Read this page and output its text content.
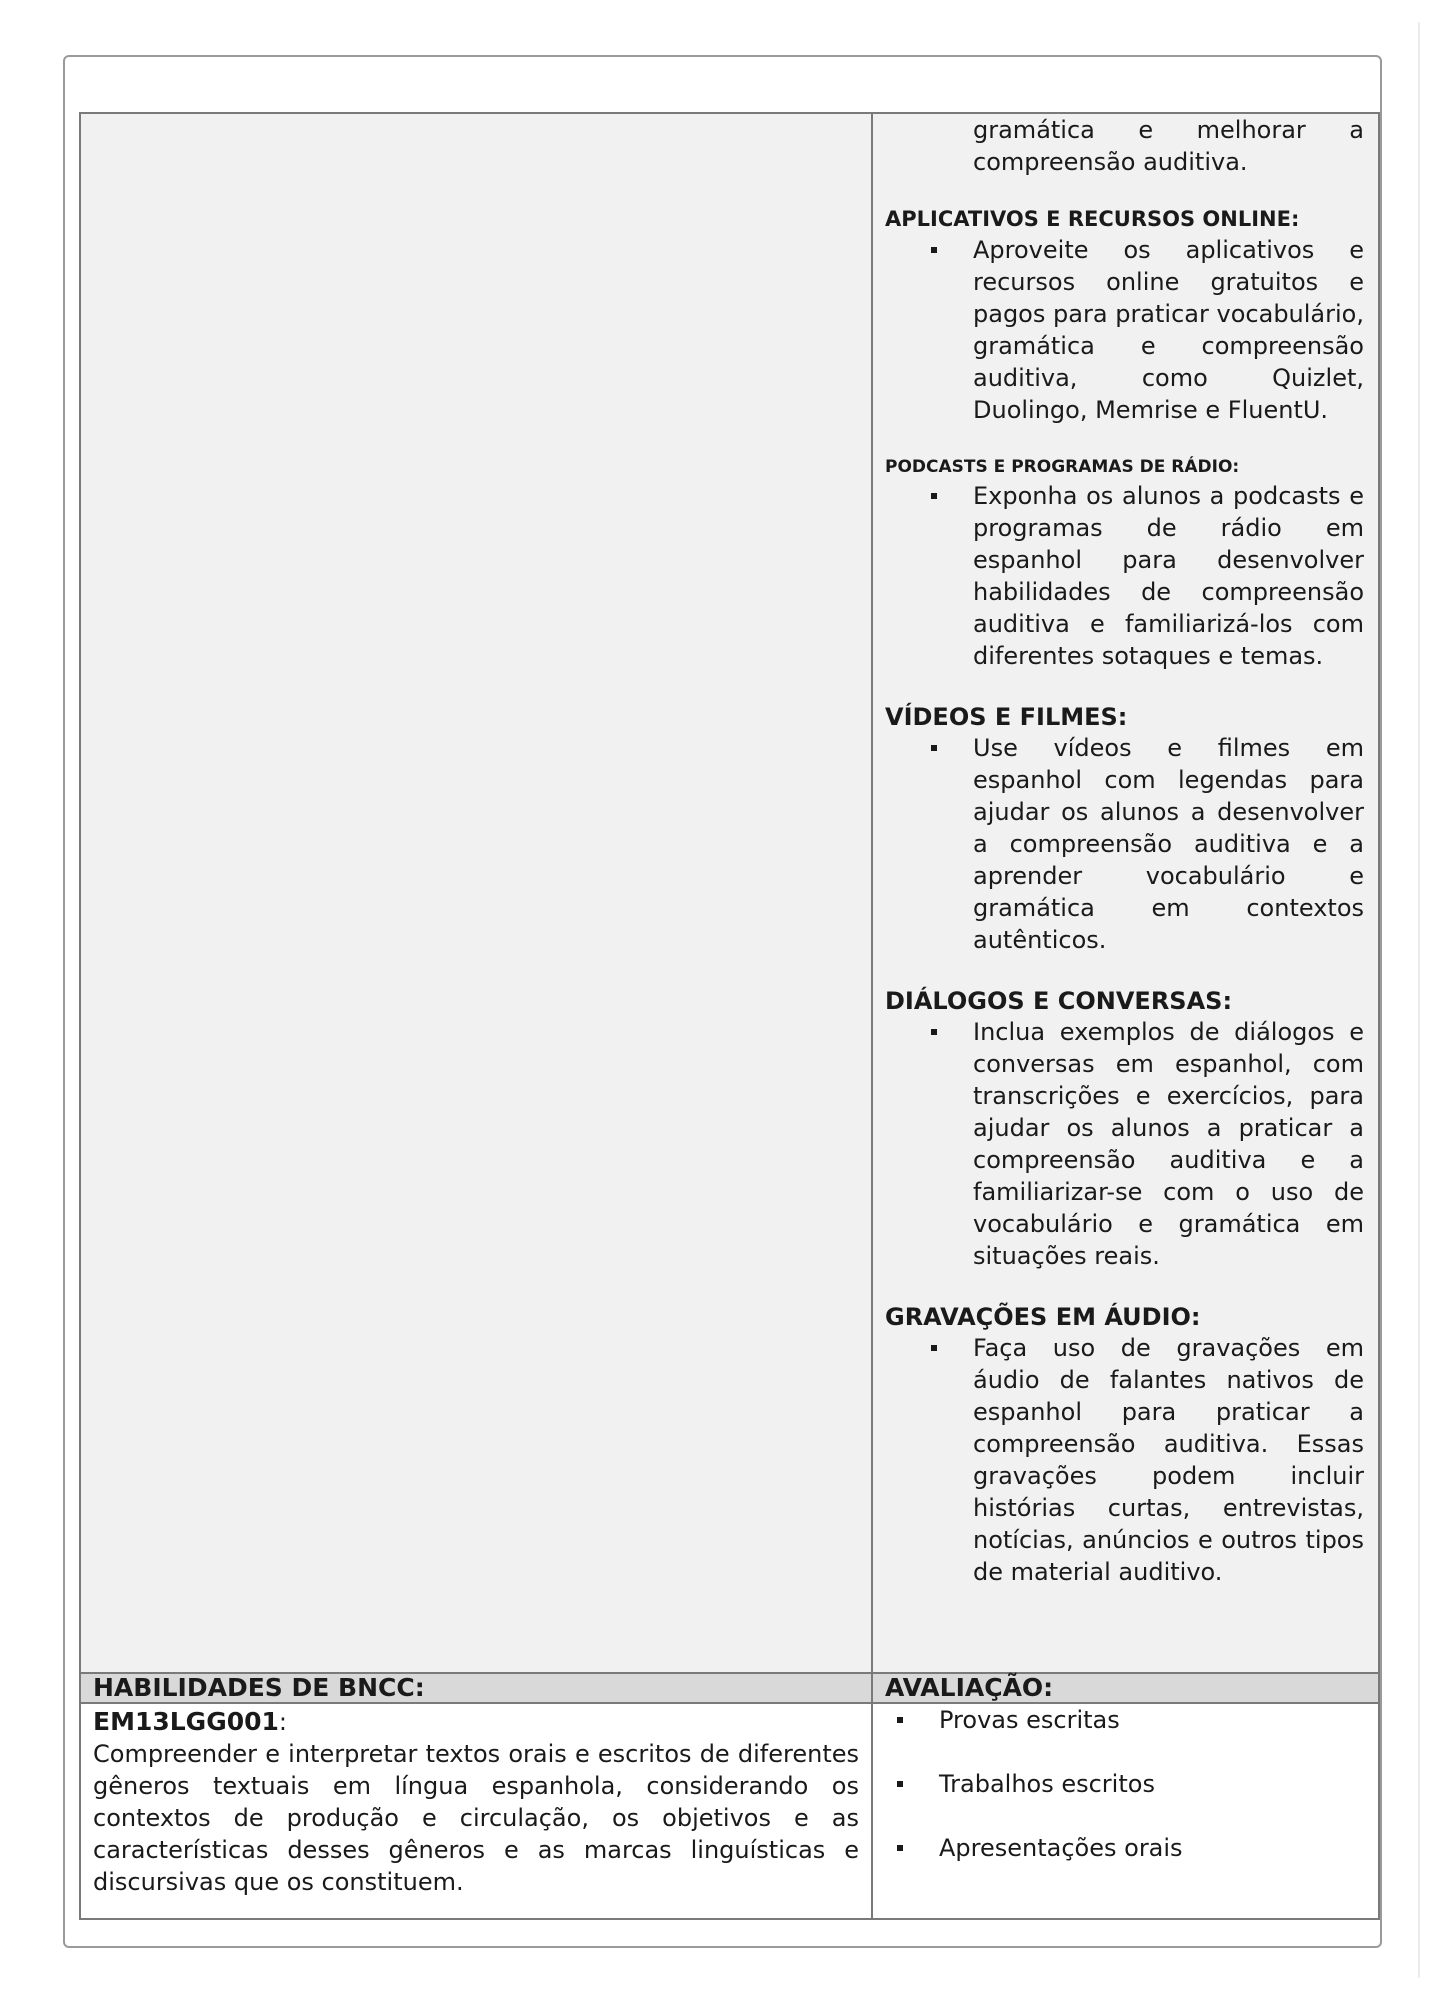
gramática e melhorar a compreensão auditiva.
APLICATIVOS E RECURSOS ONLINE:
Aproveite os aplicativos e recursos online gratuitos e pagos para praticar vocabulário, gramática e compreensão auditiva, como Quizlet, Duolingo, Memrise e FluentU.
PODCASTS E PROGRAMAS DE RÁDIO:
Exponha os alunos a podcasts e programas de rádio em espanhol para desenvolver habilidades de compreensão auditiva e familiarizá-los com diferentes sotaques e temas.
VÍDEOS E FILMES:
Use vídeos e filmes em espanhol com legendas para ajudar os alunos a desenvolver a compreensão auditiva e a aprender vocabulário e gramática em contextos autênticos.
DIÁLOGOS E CONVERSAS:
Inclua exemplos de diálogos e conversas em espanhol, com transcrições e exercícios, para ajudar os alunos a praticar a compreensão auditiva e a familiarizar-se com o uso de vocabulário e gramática em situações reais.
GRAVAÇÕES EM ÁUDIO:
Faça uso de gravações em áudio de falantes nativos de espanhol para praticar a compreensão auditiva. Essas gravações podem incluir histórias curtas, entrevistas, notícias, anúncios e outros tipos de material auditivo.
HABILIDADES DE BNCC:	AVALIAÇÃO:
EM13LGG001:
Compreender e interpretar textos orais e escritos de diferentes gêneros textuais em língua espanhola, considerando os contextos de produção e circulação, os objetivos e as características desses gêneros e as marcas linguísticas e discursivas que os constituem.
Provas escritas
Trabalhos escritos
Apresentações orais
